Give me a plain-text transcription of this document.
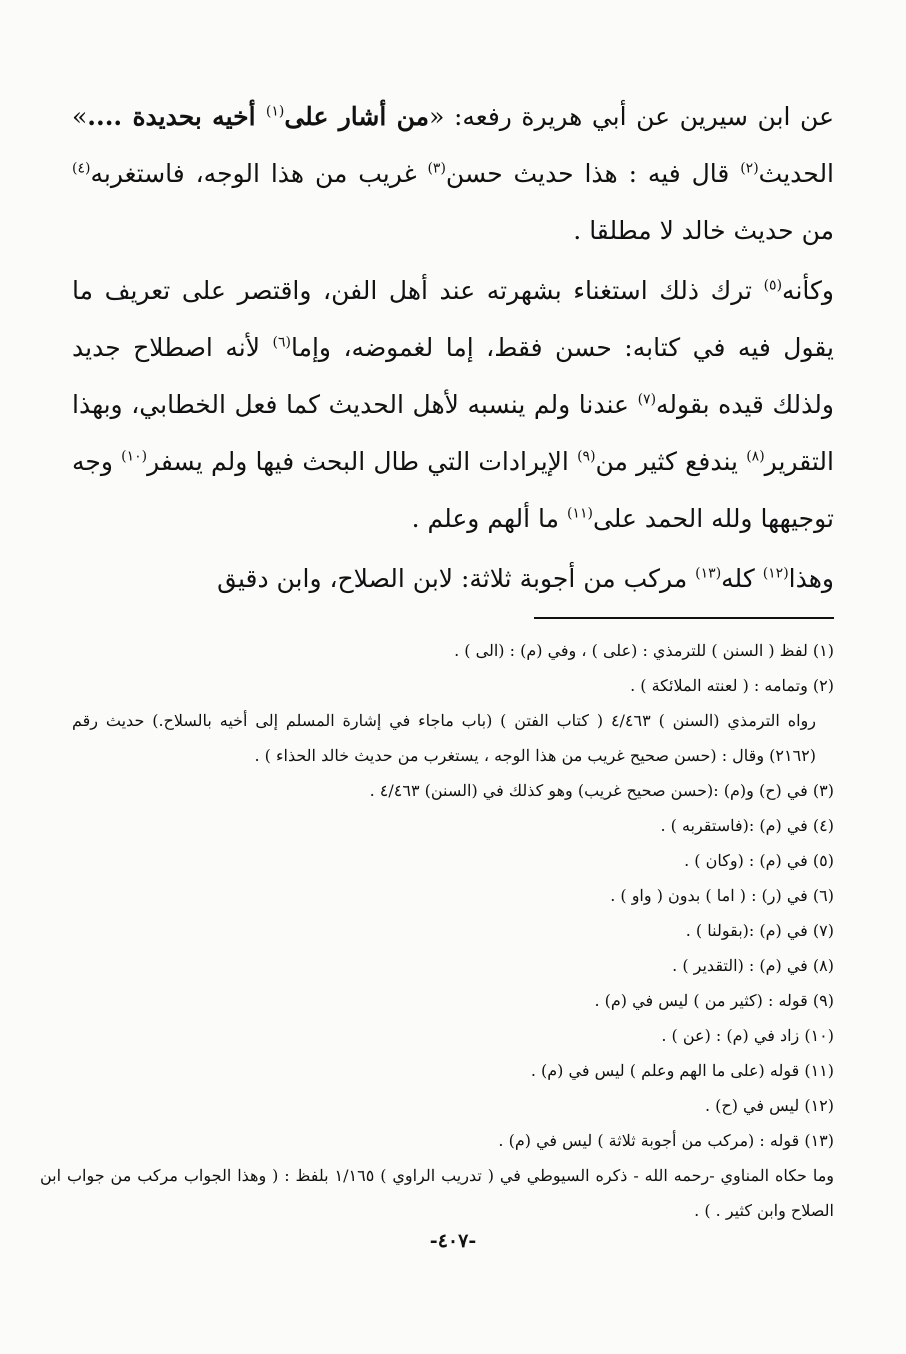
عن ابن سيرين عن أبي هريرة رفعه: «من أشار على$^{(١)}$ أخيه بحديدة ....» الحديث$^{(٢)}$ قال فيه : هذا حديث حسن$^{(٣)}$ غريب من هذا الوجه، فاستغربه$^{(٤)}$ من حديث خالد لا مطلقا .

وكأنه$^{(٥)}$ ترك ذلك استغناء بشهرته عند أهل الفن، واقتصر على تعريف ما يقول فيه في كتابه: حسن فقط، إما لغموضه، وإما$^{(٦)}$ لأنه اصطلاح جديد ولذلك قيده بقوله$^{(٧)}$ عندنا ولم ينسبه لأهل الحديث كما فعل الخطابي، وبهذا التقرير$^{(٨)}$ يندفع كثير من$^{(٩)}$ الإيرادات التي طال البحث فيها ولم يسفر$^{(١٠)}$ وجه توجيهها ولله الحمد على$^{(١١)}$ ما ألهم وعلم .

وهذا$^{(١٢)}$ كله$^{(١٣)}$ مركب من أجوبة ثلاثة: لابن الصلاح، وابن دقيق

(١) لفظ ( السنن ) للترمذي : (على ) ، وفي (م) : (الى ) .

(٢) وتمامه : ( لعنته الملائكة ) .

رواه الترمذي (السنن ) ٤/٤٦٣ ( كتاب الفتن ) (باب ماجاء في إشارة المسلم إلى أخيه بالسلاح.) حديث رقم (٢١٦٢) وقال : (حسن صحيح غريب من هذا الوجه ، يستغرب من حديث خالد الحذاء ) .

(٣) في (ح) و(م) :(حسن صحيح غريب) وهو كذلك في (السنن) ٤/٤٦٣ .

(٤) في (م) :(فاستقربه ) .

(٥) في (م) : (وكان ) .

(٦) في (ر) : ( اما ) بدون ( واو ) .

(٧) في (م) :(بقولنا ) .

(٨) في (م) : (التقدير ) .

(٩) قوله : (كثير من ) ليس في (م) .

(١٠) زاد في (م) : (عن ) .

(١١) قوله (على ما الهم وعلم ) ليس في (م) .

(١٢) ليس في (ح) .

(١٣) قوله : (مركب من أجوبة ثلاثة ) ليس في (م) .

وما حكاه المناوي -رحمه الله - ذكره السيوطي في ( تدريب الراوي ) ١/١٦٥ بلفظ : ( وهذا الجواب مركب من جواب ابن الصلاح وابن كثير . ) .

-٤٠٧-
